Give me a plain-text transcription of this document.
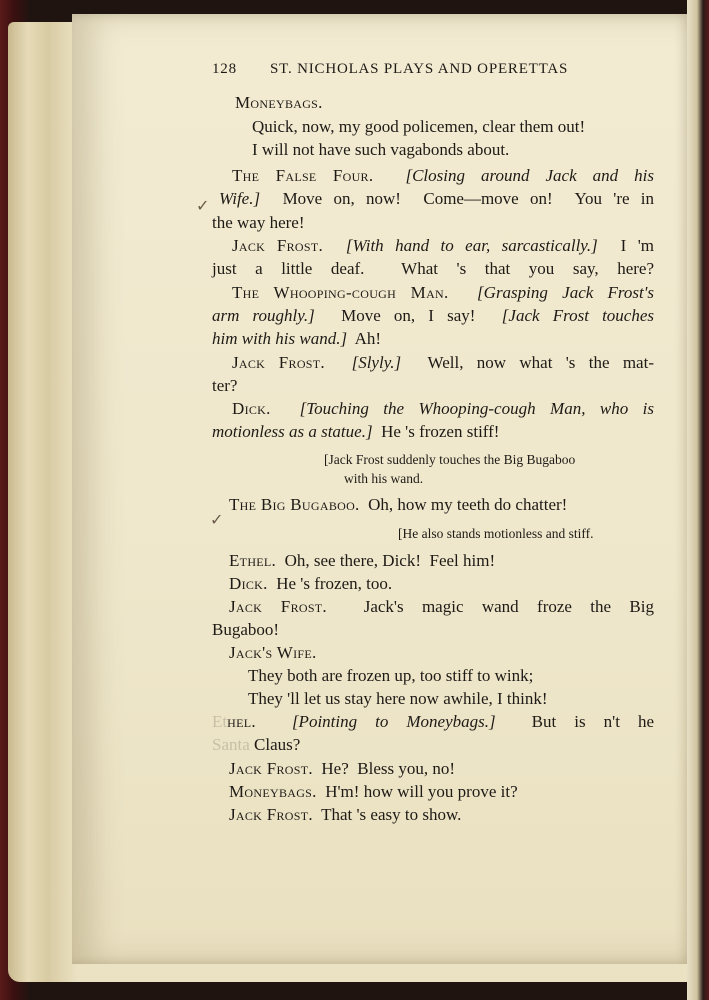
128 ST. NICHOLAS PLAYS AND OPERETTAS
Moneybags.
Quick, now, my good policemen, clear them out!
I will not have such vagabonds about.
The False Four.  [Closing around Jack and his
Wife.]  Move on, now!  Come—move on!  You 're in
the way here!
Jack Frost.  [With hand to ear, sarcastically.]  I 'm
just a little deaf.  What 's that you say, here?
The Whooping-cough Man.  [Grasping Jack Frost's
arm roughly.]  Move on, I say!  [Jack Frost touches
him with his wand.]  Ah!
Jack Frost.  [Slyly.]  Well, now what 's the mat-
ter?
Dick.  [Touching the Whooping-cough Man, who is
motionless as a statue.]  He 's frozen stiff!
[Jack Frost suddenly touches the Big Bugaboo
with his wand.
The Big Bugaboo.  Oh, how my teeth do chatter!
[He also stands motionless and stiff.
Ethel.  Oh, see there, Dick!  Feel him!
Dick.  He 's frozen, too.
Jack Frost.  Jack's magic wand froze the Big
Bugaboo!
Jack's Wife.
They both are frozen up, too stiff to wink;
They 'll let us stay here now awhile, I think!
Ethel.  [Pointing to Moneybags.]  But is n't he
Santa Claus?
Jack Frost.  He?  Bless you, no!
Moneybags.  H'm! how will you prove it?
Jack Frost.  That 's easy to show.
✓
✓
